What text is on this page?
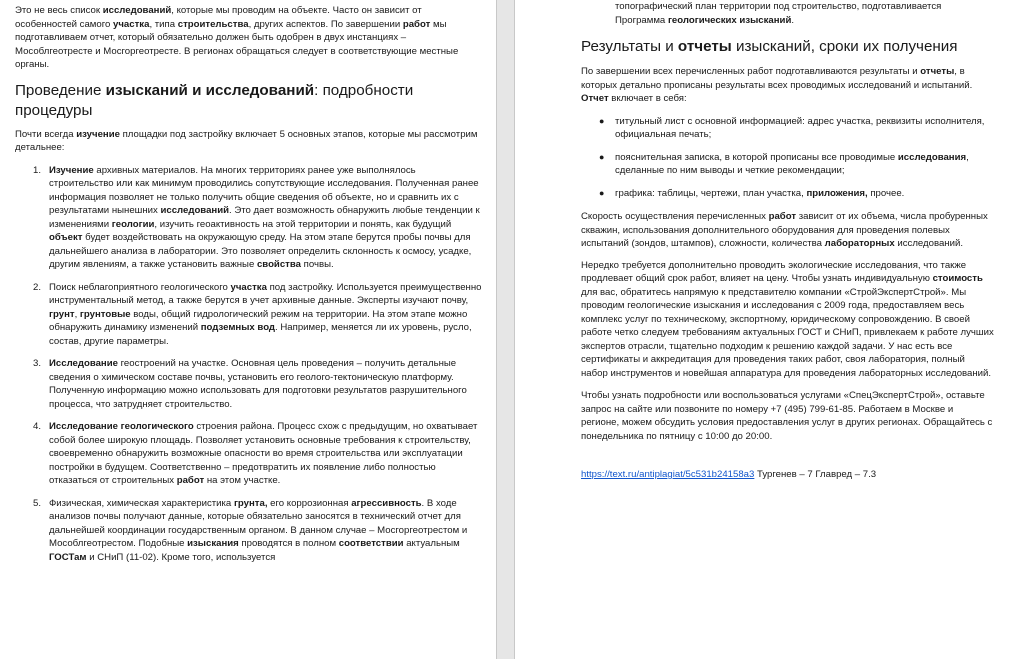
Это не весь список исследований, которые мы проводим на объекте. Часто он зависит от особенностей самого участка, типа строительства, других аспектов. По завершении работ мы подготавливаем отчет, который обязательно должен быть одобрен в двух инстанциях – Мособлгеотресте и Мосгоргеотресте. В регионах обращаться следует в соответствующие местные органы.

Проведение изысканий и исследований: подробности процедуры

Почти всегда изучение площадки под застройку включает 5 основных этапов, которые мы рассмотрим детальнее:

1. Изучение архивных материалов. На многих территориях ранее уже выполнялось строительство или как минимум проводились сопутствующие исследования. Полученная ранее информация позволяет не только получить общие сведения об объекте, но и сравнить их с результатами нынешних исследований. Это дает возможность обнаружить любые тенденции к изменениями геологии, изучить геоактивность на этой территории и понять, как будущий объект будет воздействовать на окружающую среду. На этом этапе берутся пробы почвы для дальнейшего анализа в лаборатории. Это позволяет определить склонность к осмосу, усадке, другим явлениям, а также установить важные свойства почвы.
2. Поиск неблагоприятного геологического участка под застройку. Используется преимущественно инструментальный метод, а также берутся в учет архивные данные. Эксперты изучают почву, грунт, грунтовые воды, общий гидрологический режим на территории. На этом этапе можно обнаружить динамику изменений подземных вод. Например, меняется ли их уровень, русло, состав, другие параметры.
3. Исследование геостроений на участке. Основная цель проведения – получить детальные сведения о химическом составе почвы, установить его геолого-тектоническую платформу. Полученную информацию можно использовать для подготовки результатов разрушительного процесса, что затрудняет строительство.
4. Исследование геологического строения района. Процесс схож с предыдущим, но охватывает собой более широкую площадь. Позволяет установить основные требования к строительству, своевременно обнаружить возможные опасности во время строительства или эксплуатации постройки в будущем. Соответственно – предотвратить их появление либо полностью отказаться от строительных работ на этом участке.
5. Физическая, химическая характеристика грунта, его коррозионная агрессивность. В ходе анализов почвы получают данные, которые обязательно заносятся в технический отчет для дальнейшей координации государственным органом. В данном случае – Мосгоргеотрестом и Мособлгеотрестом. Подобные изыскания проводятся в полном соответствии актуальным ГОСТам и СНиП (11-02). Кроме того, используется

топографический план территории под строительство, подготавливается Программа геологических изысканий.

Результаты и отчеты изысканий, сроки их получения

По завершении всех перечисленных работ подготавливаются результаты и отчеты, в которых детально прописаны результаты всех проводимых исследований и испытаний. Отчет включает в себя:

● титульный лист с основной информацией: адрес участка, реквизиты исполнителя, официальная печать;
● пояснительная записка, в которой прописаны все проводимые исследования, сделанные по ним выводы и четкие рекомендации;
● графика: таблицы, чертежи, план участка, приложения, прочее.

Скорость осуществления перечисленных работ зависит от их объема, числа пробуренных скважин, использования дополнительного оборудования для проведения полевых испытаний (зондов, штампов), сложности, количества лабораторных исследований.

Нередко требуется дополнительно проводить экологические исследования, что также продлевает общий срок работ, влияет на цену. Чтобы узнать индивидуальную стоимость для вас, обратитесь напрямую к представителю компании «СтройЭкспертСтрой». Мы проводим геологические изыскания и исследования с 2009 года, предоставляем весь комплекс услуг по техническому, экспортному, юридическому сопровождению. В своей работе четко следуем требованиям актуальных ГОСТ и СНиП, привлекаем к работе лучших экспертов отрасли, тщательно подходим к решению каждой задачи. У нас есть все сертификаты и аккредитация для проведения таких работ, своя лаборатория, полный набор инструментов и новейшая аппаратура для проведения лабораторных исследований.

Чтобы узнать подробности или воспользоваться услугами «СпецЭкспертСтрой», оставьте запрос на сайте или позвоните по номеру +7 (495) 799-61-85. Работаем в Москве и регионе, можем обсудить условия предоставления услуг в других регионах. Обращайтесь с понедельника по пятницу с 10:00 до 20:00.

https://text.ru/antiplagiat/5c531b24158a3 Тургенев – 7 Главред – 7.3
